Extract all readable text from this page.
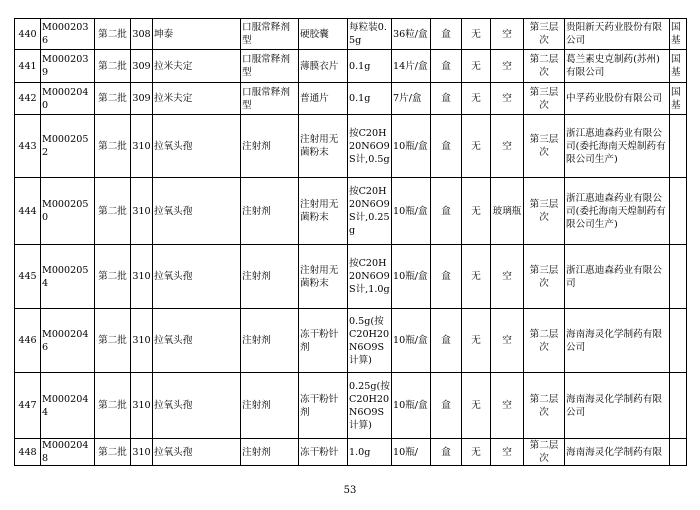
440	M0002036	第二批	308	坤泰	口服常释剂型	硬胶囊	每粒装0.5g	36粒/盒	盒	无	空	第三层次	贵阳新天药业股份有限公司	国基
441	M0002039	第二批	309	拉米夫定	口服常释剂型	薄膜衣片	0.1g	14片/盒	盒	无	空	第二层次	葛兰素史克制药(苏州)有限公司	国基
442	M0002040	第二批	309	拉米夫定	口服常释剂型	普通片	0.1g	7片/盒	盒	无	空	第三层次	中孚药业股份有限公司	国基
443	M0002052	第二批	310	拉氧头孢	注射剂	注射用无菌粉末	按C20H20N6O9S计,0.5g	10瓶/盒	盒	无	空	第三层次	浙江惠迪森药业有限公司(委托海南天煌制药有限公司生产)	
444	M0002050	第二批	310	拉氧头孢	注射剂	注射用无菌粉末	按C20H20N6O9S计,0.25g	10瓶/盒	盒	无	玻璃瓶	第三层次	浙江惠迪森药业有限公司(委托海南天煌制药有限公司生产)	
445	M0002054	第二批	310	拉氧头孢	注射剂	注射用无菌粉末	按C20H20N6O9S计,1.0g	10瓶/盒	盒	无	空	第三层次	浙江惠迪森药业有限公司	
446	M0002046	第二批	310	拉氧头孢	注射剂	冻干粉针剂	0.5g(按C20H20N6O9S计算)	10瓶/盒	盒	无	空	第二层次	海南海灵化学制药有限公司	
447	M0002044	第二批	310	拉氧头孢	注射剂	冻干粉针剂	0.25g(按C20H20N6O9S计算)	10瓶/盒	盒	无	空	第二层次	海南海灵化学制药有限公司	
448	M0002048	第二批	310	拉氧头孢	注射剂	冻干粉针	1.0g	10瓶/	盒	无	空	第二层次	海南海灵化学制药有限	
53
